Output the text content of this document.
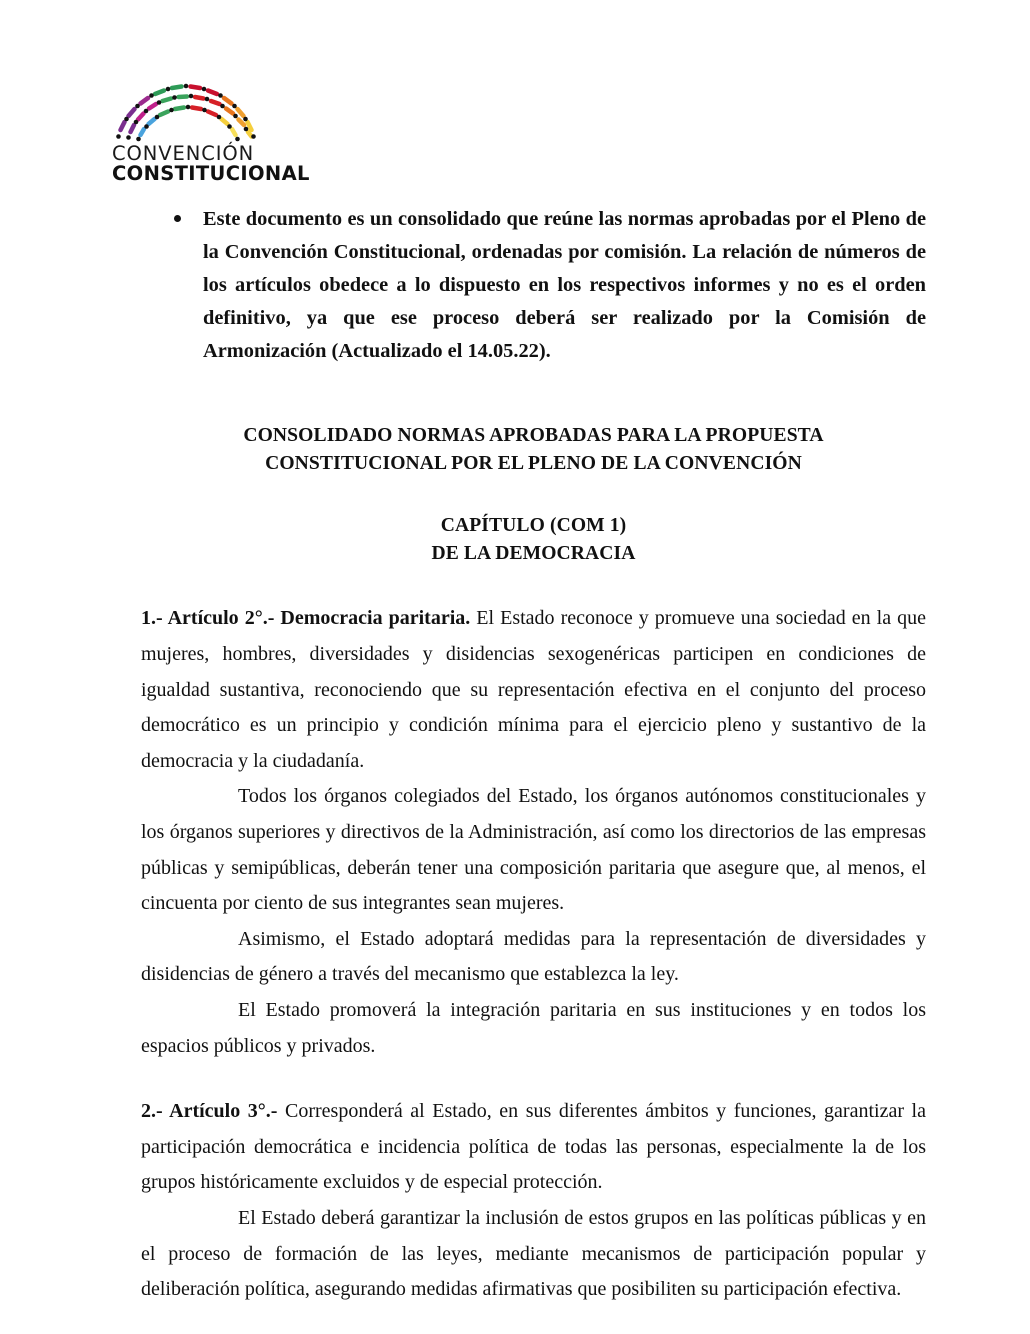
CONVENCIÓN
CONSTITUCIONAL

Este documento es un consolidado que reúne las normas aprobadas por el Pleno de la Convención Constitucional, ordenadas por comisión. La relación de números de los artículos obedece a lo dispuesto en los respectivos informes y no es el orden definitivo, ya que ese proceso deberá ser realizado por la Comisión de Armonización (Actualizado el 14.05.22).

CONSOLIDADO NORMAS APROBADAS PARA LA PROPUESTA
CONSTITUCIONAL POR EL PLENO DE LA CONVENCIÓN
CAPÍTULO (COM 1)
DE LA DEMOCRACIA

1.- Artículo 2°.- Democracia paritaria. El Estado reconoce y promueve una sociedad en la que mujeres, hombres, diversidades y disidencias sexogenéricas participen en condiciones de igualdad sustantiva, reconociendo que su representación efectiva en el conjunto del proceso democrático es un principio y condición mínima para el ejercicio pleno y sustantivo de la democracia y la ciudadanía.

Todos los órganos colegiados del Estado, los órganos autónomos constitucionales y los órganos superiores y directivos de la Administración, así como los directorios de las empresas públicas y semipúblicas, deberán tener una composición paritaria que asegure que, al menos, el cincuenta por ciento de sus integrantes sean mujeres.

Asimismo, el Estado adoptará medidas para la representación de diversidades y disidencias de género a través del mecanismo que establezca la ley.

El Estado promoverá la integración paritaria en sus instituciones y en todos los espacios públicos y privados.

2.- Artículo 3°.- Corresponderá al Estado, en sus diferentes ámbitos y funciones, garantizar la participación democrática e incidencia política de todas las personas, especialmente la de los grupos históricamente excluidos y de especial protección.

El Estado deberá garantizar la inclusión de estos grupos en las políticas públicas y en el proceso de formación de las leyes, mediante mecanismos de participación popular y deliberación política, asegurando medidas afirmativas que posibiliten su participación efectiva.
